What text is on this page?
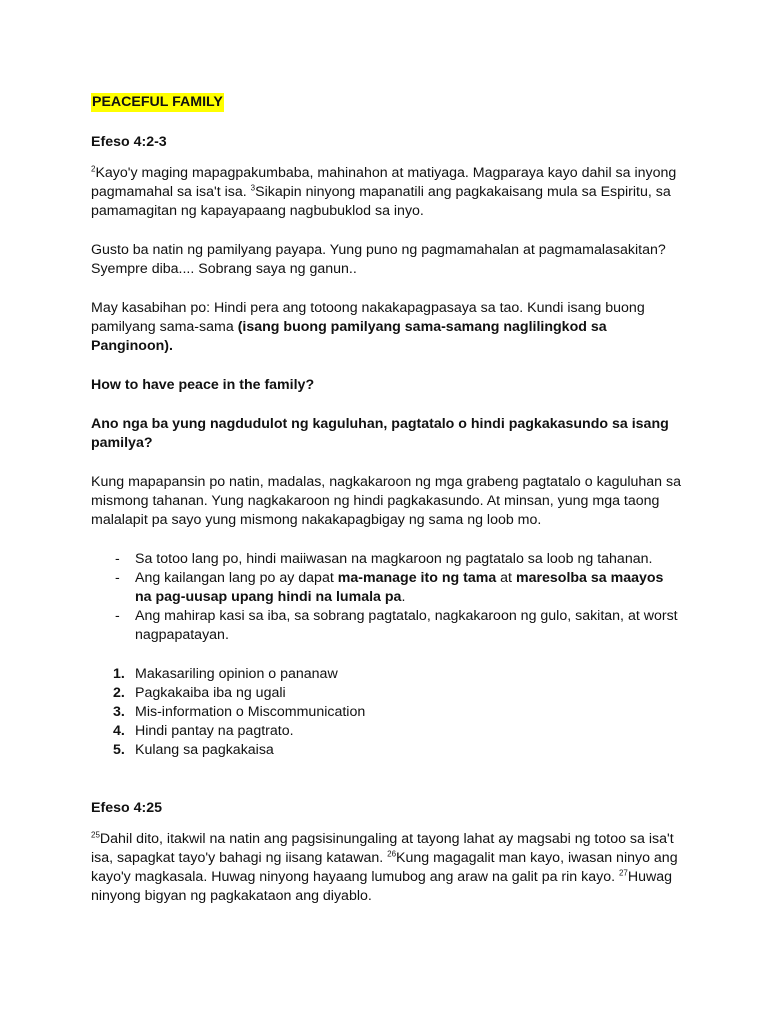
PEACEFUL FAMILY

Efeso 4:2-3

$^2$Kayo'y maging mapagpakumbaba, mahinahon at matiyaga. Magparaya kayo dahil sa inyong pagmamahal sa isa't isa. $^3$Sikapin ninyong mapanatili ang pagkakaisang mula sa Espiritu, sa pamamagitan ng kapayapaang nagbubuklod sa inyo.

Gusto ba natin ng pamilyang payapa. Yung puno ng pagmamahalan at pagmamalasakitan? Syempre diba.... Sobrang saya ng ganun..

May kasabihan po: Hindi pera ang totoong nakakapagpasaya sa tao. Kundi isang buong pamilyang sama-sama (isang buong pamilyang sama-samang naglilingkod sa Panginoon).

How to have peace in the family?

Ano nga ba yung nagdudulot ng kaguluhan, pagtatalo o hindi pagkakasundo sa isang pamilya?

Kung mapapansin po natin, madalas, nagkakaroon ng mga grabeng pagtatalo o kaguluhan sa mismong tahanan. Yung nagkakaroon ng hindi pagkakasundo. At minsan, yung mga taong malalapit pa sayo yung mismong nakakapagbigay ng sama ng loob mo.

- Sa totoo lang po, hindi maiiwasan na magkaroon ng pagtatalo sa loob ng tahanan.
- Ang kailangan lang po ay dapat ma-manage ito ng tama at maresolba sa maayos na pag-uusap upang hindi na lumala pa.
- Ang mahirap kasi sa iba, sa sobrang pagtatalo, nagkakaroon ng gulo, sakitan, at worst nagpapatayan.
1. Makasariling opinion o pananaw
2. Pagkakaiba iba ng ugali
3. Mis-information o Miscommunication
4. Hindi pantay na pagtrato.
5. Kulang sa pagkakaisa

Efeso 4:25

$^{25}$Dahil dito, itakwil na natin ang pagsisinungaling at tayong lahat ay magsabi ng totoo sa isa't isa, sapagkat tayo'y bahagi ng iisang katawan. $^{26}$Kung magagalit man kayo, iwasan ninyo ang kayo'y magkasala. Huwag ninyong hayaang lumubog ang araw na galit pa rin kayo. $^{27}$Huwag ninyong bigyan ng pagkakataon ang diyablo.
